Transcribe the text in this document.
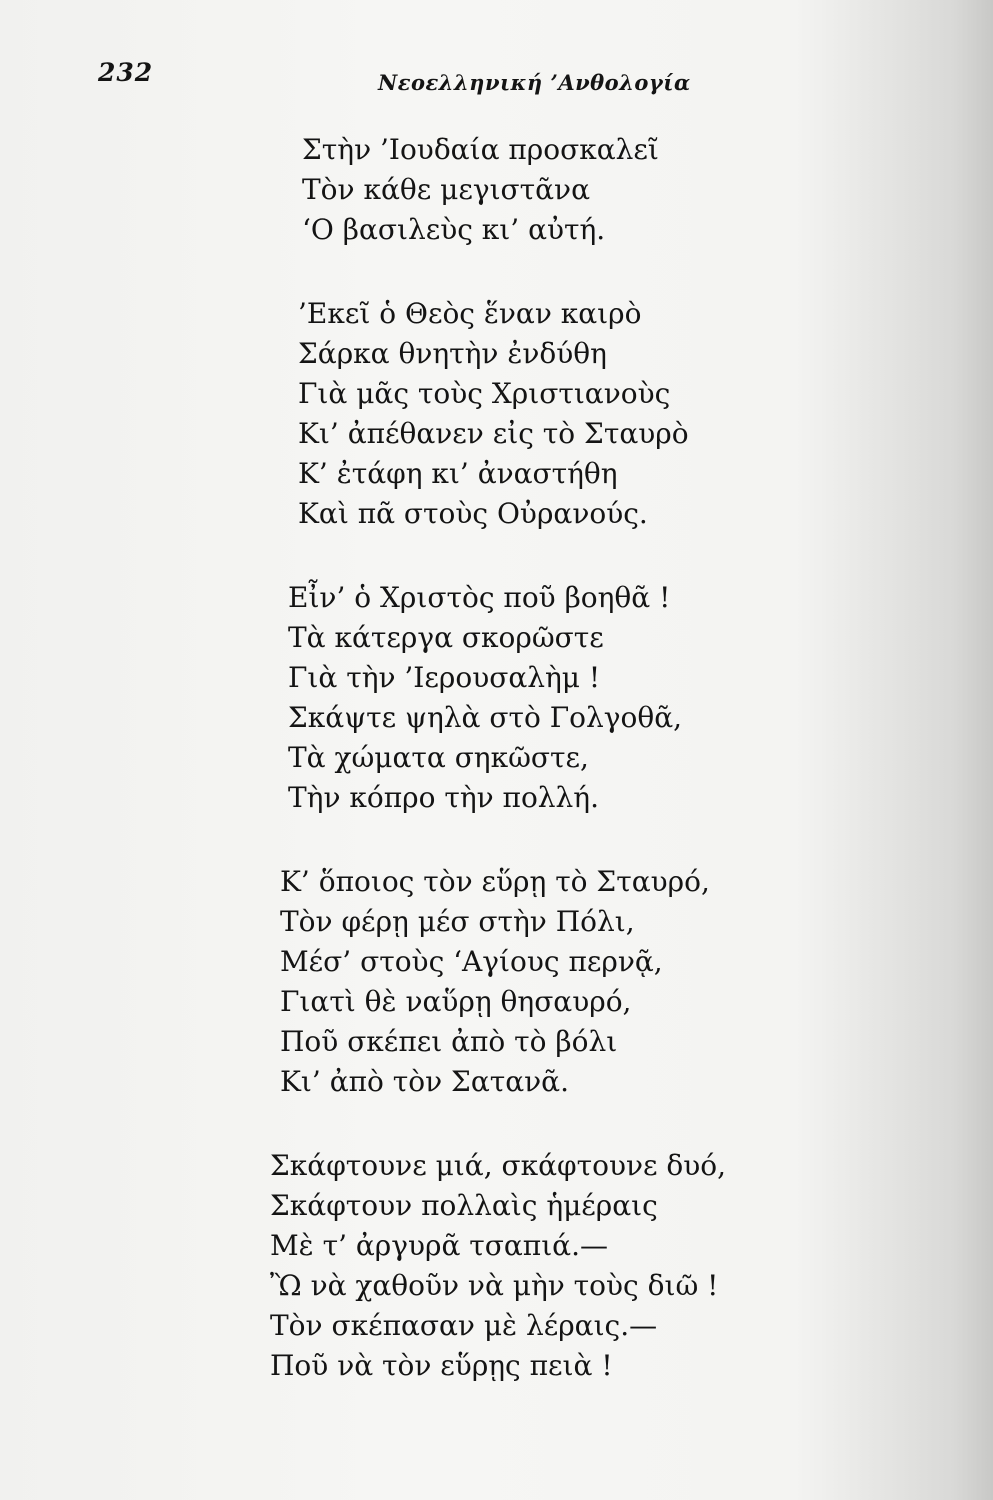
232	Νεοελληνική ’Ανθολογία
Στὴν ’Ιουδαία προσκαλεῖ
Τὸν κάθε μεγιστᾶνα
‘Ο βασιλεὺς κι’ αὐτή.
’Εκεῖ ὁ Θεὸς ἕναν καιρὸ
Σάρκα θνητὴν ἐνδύθη
Γιὰ μᾶς τοὺς Χριστιανοὺς
Κι’ ἀπέθανεν εἰς τὸ Σταυρὸ
Κ’ ἐτάφη κι’ ἀναστήθη
Καὶ πᾶ στοὺς Οὐρανούς.
Εἶν’ ὁ Χριστὸς ποῦ βοηθᾶ !
Τὰ κάτεργα σκορῶστε
Γιὰ τὴν ’Ιερουσαλὴμ !
Σκάψτε ψηλὰ στὸ Γολγοθᾶ,
Τὰ χώματα σηκῶστε,
Τὴν κόπρο τὴν πολλή.
Κ’ ὅποιος τὸν εὕρῃ τὸ Σταυρό,
Τὸν φέρῃ μέσ στὴν Πόλι,
Μέσ’ στοὺς ‘Αγίους περνᾷ,
Γιατὶ θὲ ναὕρῃ θησαυρό,
Ποῦ σκέπει ἀπὸ τὸ βόλι
Κι’ ἀπὸ τὸν Σατανᾶ.
Σκάφτουνε μιά, σκάφτουνε δυό,
Σκάφτουν πολλαὶς ἡμέραις
Μὲ τ’ ἀργυρᾶ τσαπιά.—
Ὢ νὰ χαθοῦν νὰ μὴν τοὺς διῶ !
Τὸν σκέπασαν μὲ λέραις.—
Ποῦ νὰ τὸν εὕρῃς πειὰ !
